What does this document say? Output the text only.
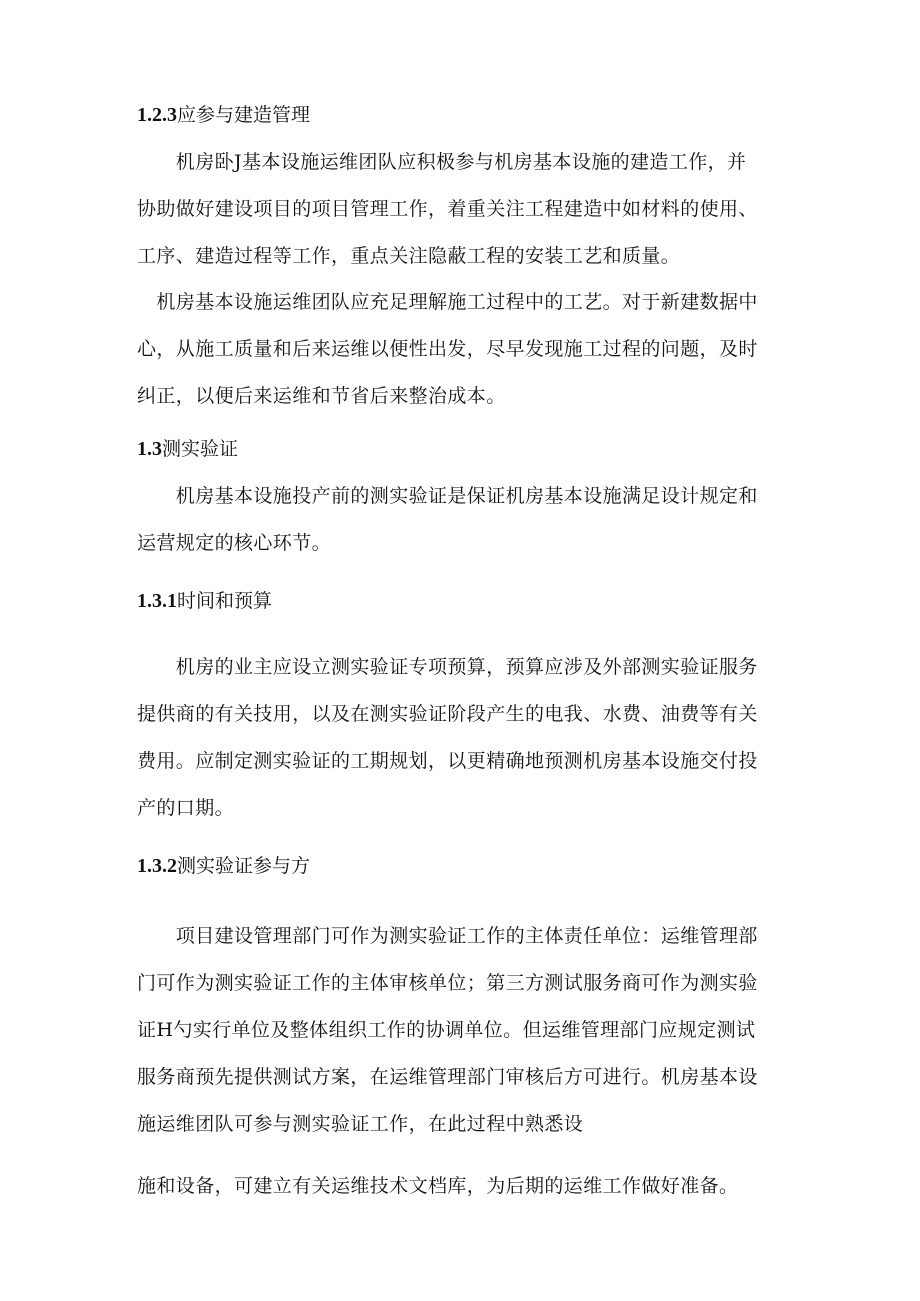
1.2.3应参与建造管理
　　机房卧J基本设施运维团队应积极参与机房基本设施的建造工作，并
协助做好建设项目的项目管理工作，着重关注工程建造中如材料的使用、
工序、建造过程等工作，重点关注隐蔽工程的安装工艺和质量。
　机房基本设施运维团队应充足理解施工过程中的工艺。对于新建数据中
心，从施工质量和后来运维以便性出发，尽早发现施工过程的问题，及时
纠正，以便后来运维和节省后来整治成本。
1.3测实验证
　　机房基本设施投产前的测实验证是保证机房基本设施满足设计规定和
运营规定的核心环节。
1.3.1时间和预算
　　机房的业主应设立测实验证专项预算，预算应涉及外部测实验证服务
提供商的有关技用，以及在测实验证阶段产生的电我、水费、油费等有关
费用。应制定测实验证的工期规划，以更精确地预测机房基本设施交付投
产的口期。
1.3.2测实验证参与方
　　项目建设管理部门可作为测实验证工作的主体责任单位：运维管理部
门可作为测实验证工作的主体审核单位；第三方测试服务商可作为测实验
证H勺实行单位及整体组织工作的协调单位。但运维管理部门应规定测试
服务商预先提供测试方案，在运维管理部门审核后方可进行。机房基本设
施运维团队可参与测实验证工作，在此过程中熟悉设
施和设备，可建立有关运维技术文档库，为后期的运维工作做好准备。
